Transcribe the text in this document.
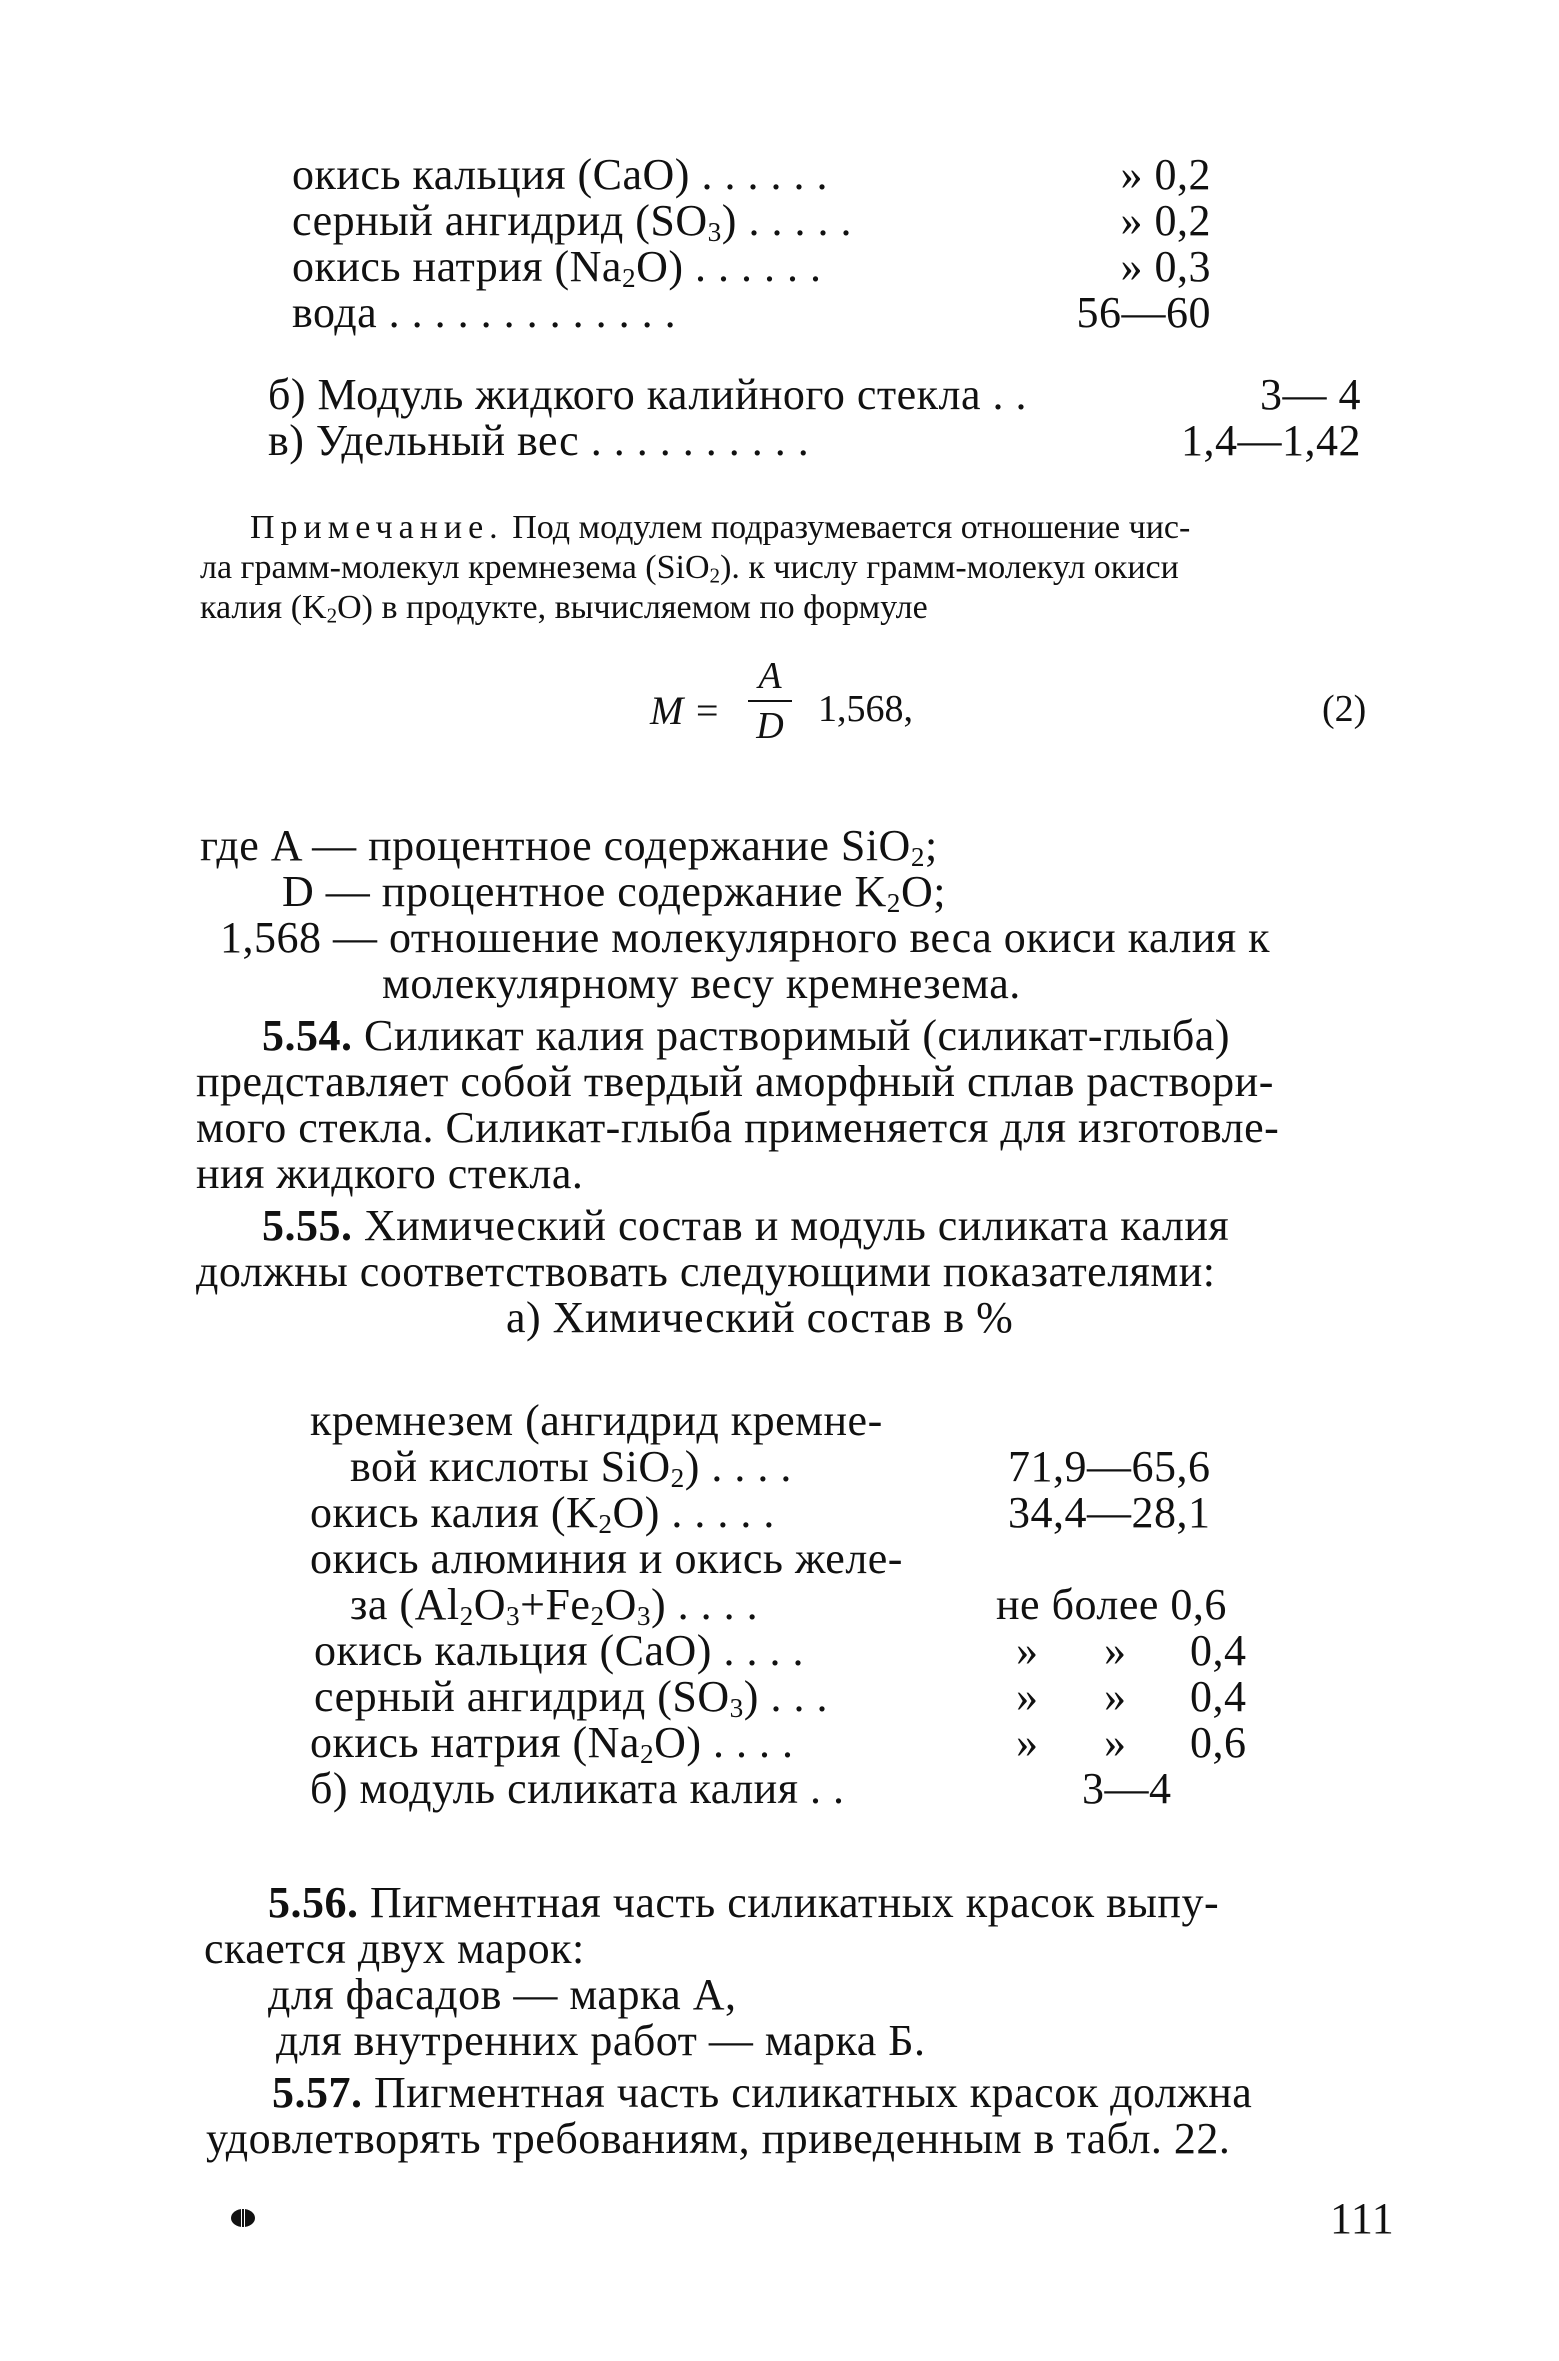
окись кальция (CaO) . . . . . .	» 0,2
серный ангидрид $(SO_3)$ . . . . .	» 0,2
окись натрия $(Na_2O)$ . . . . . .	» 0,3
вода . . . . . . . . . . . . .	56—60
б) Модуль жидкого калийного стекла . .	3— 4
в) Удельный вес . . . . . . . . . .	1,4—1,42
Примечание. Под модулем подразумевается отношение чис-
ла грамм-молекул кремнезема (SiO$_2$). к числу грамм-молекул окиси
калия $(K_2O)$ в продукте, вычисляемом по формуле
M =
A
D 1,568,	(2)
где A — процентное содержание SiO$_2$;
D — процентное содержание $K_2O$;
1,568 — отношение молекулярного веса окиси калия к
молекулярному весу кремнезема.
5.54. Силикат калия растворимый (силикат-глыба)
представляет собой твердый аморфный сплав раствори-
мого стекла. Силикат-глыба применяется для изготовле-
ния жидкого стекла.
5.55. Химический состав и модуль силиката калия
должны соответствовать следующими показателями:
а) Химический состав в %
кремнезем (ангидрид кремне-
вой кислоты SiO$_2$) . . . .	71,9—65,6
окись калия $(K_2O)$ . . . . .	34,4—28,1
окись алюминия и окись желе-
за $(Al_2O_3+Fe_2O_3)$ . . . .	не более 0,6
окись кальция (CaO) . . . .	» » 0,4
серный ангидрид $(SO_3)$ . . .	» » 0,4
окись натрия $(Na_2O)$ . . . .	» » 0,6
б) модуль силиката калия . .	3—4
5.56. Пигментная часть силикатных красок выпу-
скается двух марок:
для фасадов — марка А,
для внутренних работ — марка Б.
5.57. Пигментная часть силикатных красок должна
удовлетворять требованиям, приведенным в табл. 22.
111
